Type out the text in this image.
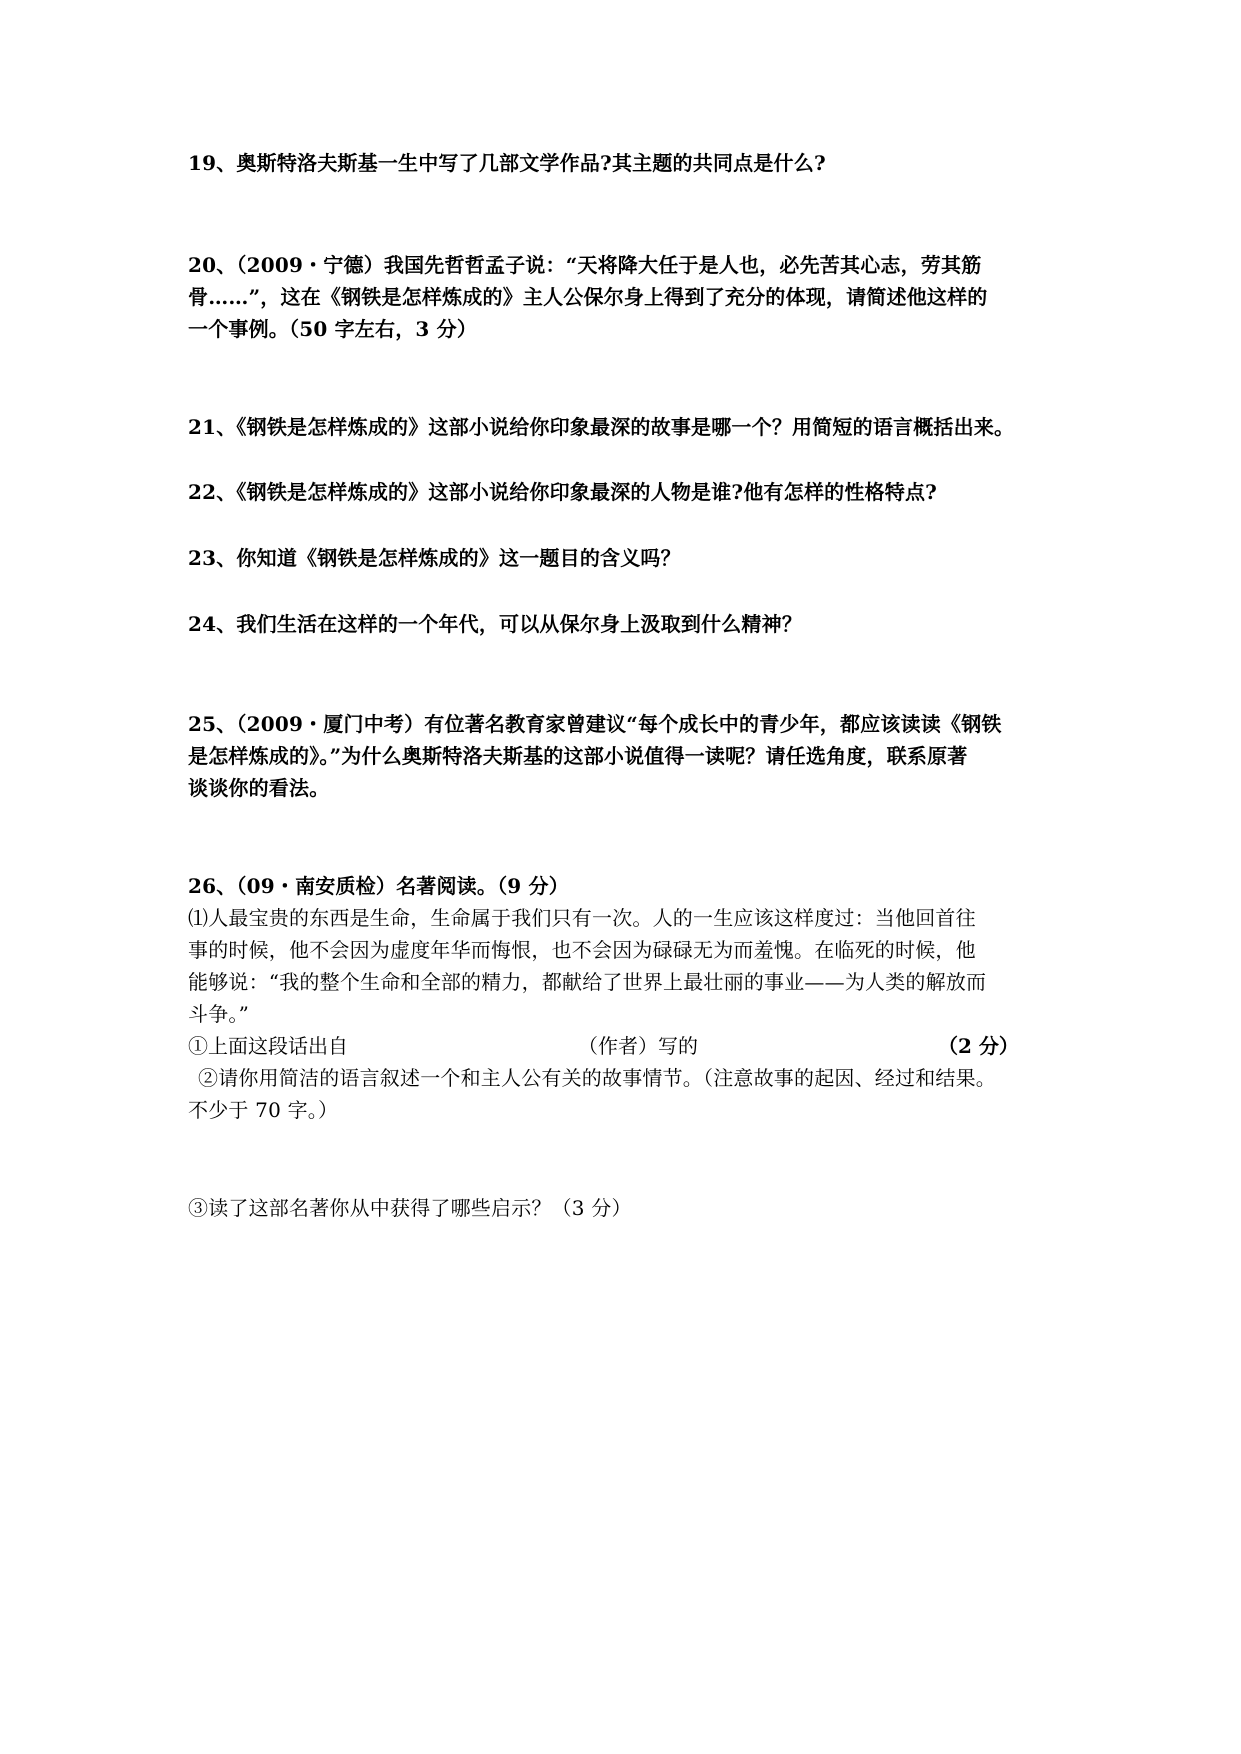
19、奥斯特洛夫斯基一生中写了几部文学作品?其主题的共同点是什么?
20、（2009・宁德）我国先哲哲孟子说：“天将降大任于是人也，必先苦其心志，劳其筋
骨……”，这在《钢铁是怎样炼成的》主人公保尔身上得到了充分的体现，请简述他这样的
一个事例。（50 字左右，3 分）
21、《钢铁是怎样炼成的》这部小说给你印象最深的故事是哪一个？用简短的语言概括出来。
22、《钢铁是怎样炼成的》这部小说给你印象最深的人物是谁?他有怎样的性格特点?
23、你知道《钢铁是怎样炼成的》这一题目的含义吗？
24、我们生活在这样的一个年代，可以从保尔身上汲取到什么精神？
25、（2009・厦门中考）有位著名教育家曾建议“每个成长中的青少年，都应该读读《钢铁
是怎样炼成的》。”为什么奥斯特洛夫斯基的这部小说值得一读呢？请任选角度，联系原著
谈谈你的看法。
26、（09・南安质检）名著阅读。（9 分）
⑴人最宝贵的东西是生命，生命属于我们只有一次。人的一生应该这样度过：当他回首往
事的时候，他不会因为虚度年华而悔恨，也不会因为碌碌无为而羞愧。在临死的时候，他
能够说：“我的整个生命和全部的精力，都献给了世界上最壮丽的事业——为人类的解放而
斗争。”
①上面这段话出自	（作者）写的	（2 分）
②请你用简洁的语言叙述一个和主人公有关的故事情节。（注意故事的起因、经过和结果。
不少于 70 字。）
③读了这部名著你从中获得了哪些启示？（3 分）
